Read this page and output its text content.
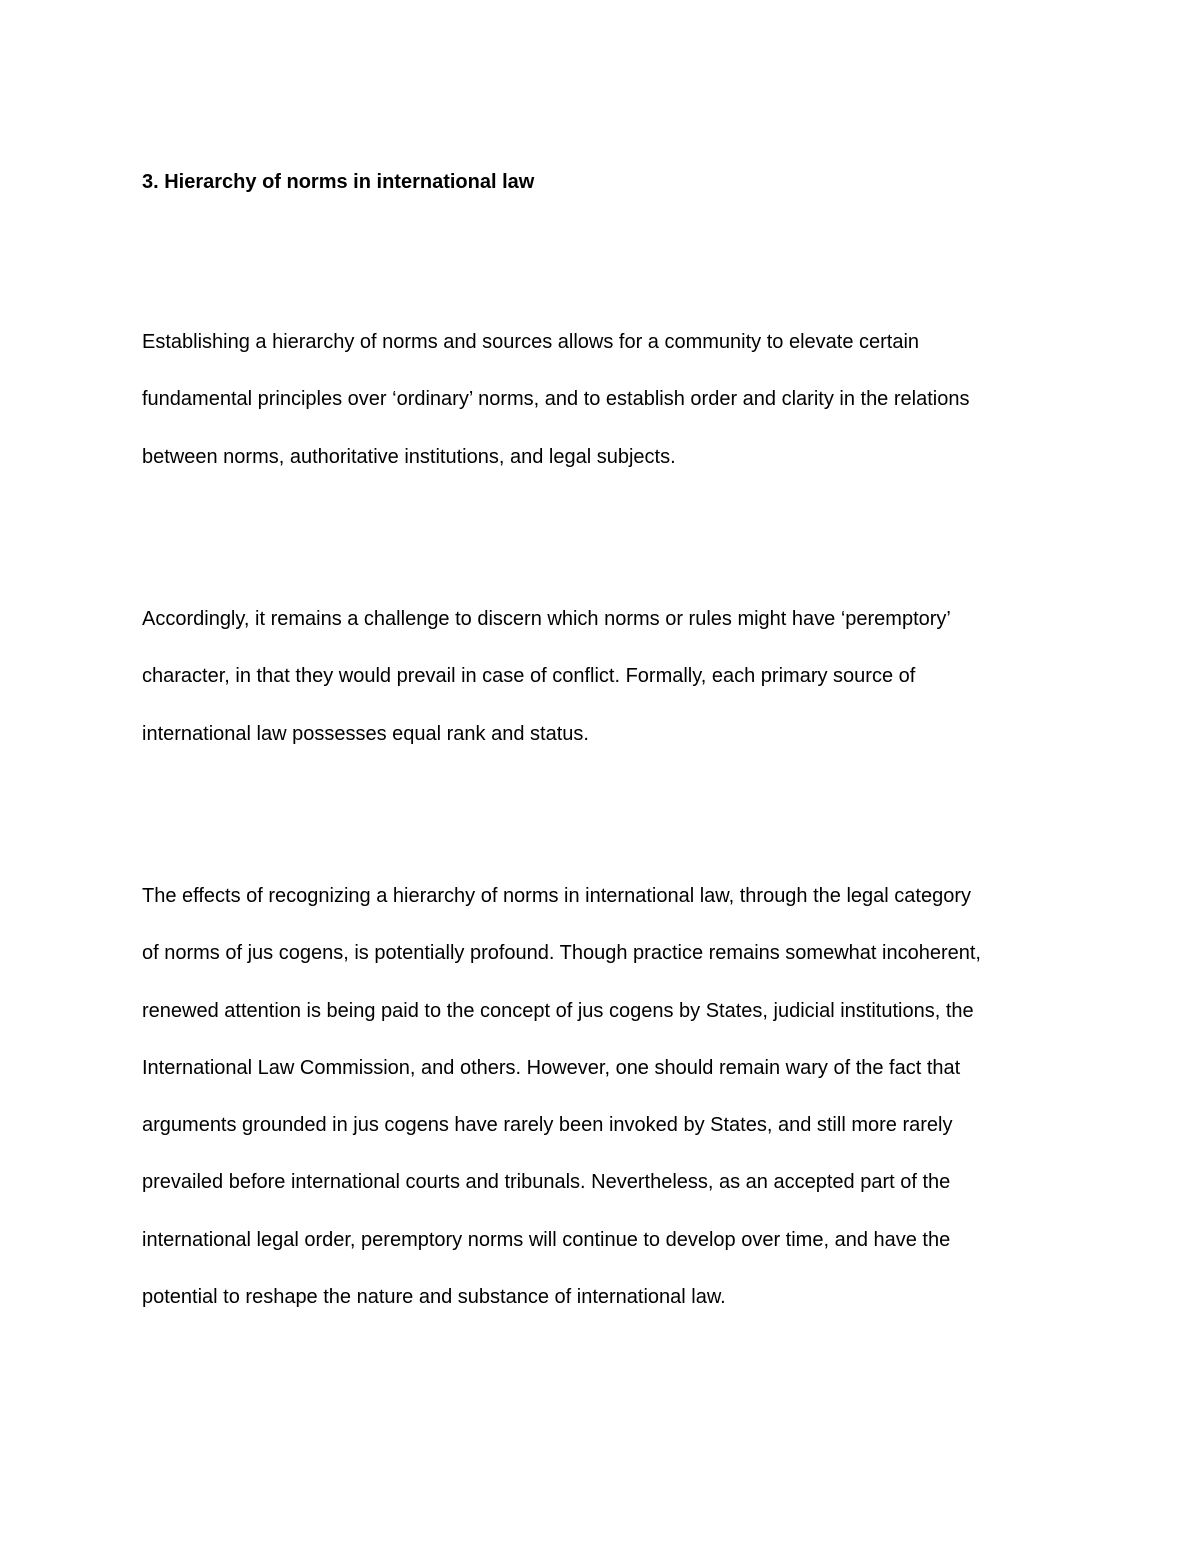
3. Hierarchy of norms in international law

Establishing a hierarchy of norms and sources allows for a community to elevate certain
fundamental principles over ‘ordinary’ norms, and to establish order and clarity in the relations
between norms, authoritative institutions, and legal subjects.

Accordingly, it remains a challenge to discern which norms or rules might have ‘peremptory’
character, in that they would prevail in case of conflict. Formally, each primary source of
international law possesses equal rank and status.

The effects of recognizing a hierarchy of norms in international law, through the legal category
of norms of jus cogens, is potentially profound. Though practice remains somewhat incoherent,
renewed attention is being paid to the concept of jus cogens by States, judicial institutions, the
International Law Commission, and others. However, one should remain wary of the fact that
arguments grounded in jus cogens have rarely been invoked by States, and still more rarely
prevailed before international courts and tribunals. Nevertheless, as an accepted part of the
international legal order, peremptory norms will continue to develop over time, and have the
potential to reshape the nature and substance of international law.
